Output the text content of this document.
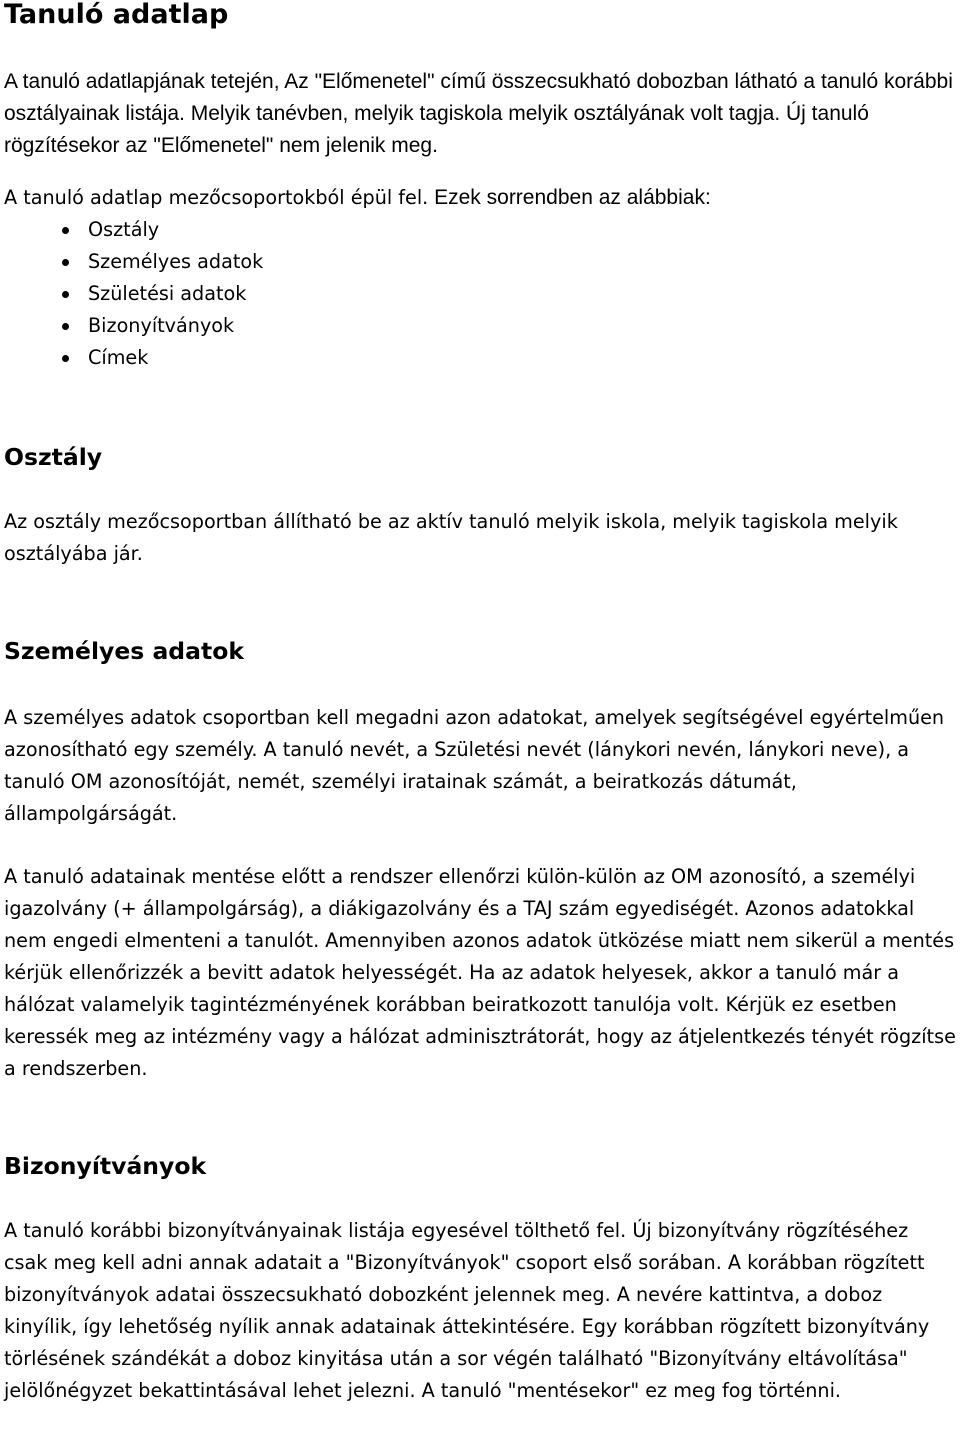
Tanuló adatlap

A tanuló adatlapjának tetején, Az "Előmenetel" című összecsukható dobozban látható a tanuló korábbi osztályainak listája. Melyik tanévben, melyik tagiskola melyik osztályának volt tagja. Új tanuló rögzítésekor az "Előmenetel" nem jelenik meg.

A tanuló adatlap mezőcsoportokból épül fel. Ezek sorrendben az alábbiak:

Osztály
Személyes adatok
Születési adatok
Bizonyítványok
Címek
Osztály

Az osztály mezőcsoportban állítható be az aktív tanuló melyik iskola, melyik tagiskola melyik osztályába jár.

Személyes adatok

A személyes adatok csoportban kell megadni azon adatokat, amelyek segítségével egyértelműen azonosítható egy személy. A tanuló nevét, a Születési nevét (lánykori nevén, lánykori neve), a tanuló OM azonosítóját, nemét, személyi iratainak számát, a beiratkozás dátumát, állampolgárságát.

A tanuló adatainak mentése előtt a rendszer ellenőrzi külön-külön az OM azonosító, a személyi igazolvány (+ állampolgárság), a diákigazolvány és a TAJ szám egyediségét. Azonos adatokkal nem engedi elmenteni a tanulót. Amennyiben azonos adatok ütközése miatt nem sikerül a mentés kérjük ellenőrizzék a bevitt adatok helyességét. Ha az adatok helyesek, akkor a tanuló már a hálózat valamelyik tagintézményének korábban beiratkozott tanulója volt. Kérjük ez esetben keressék meg az intézmény vagy a hálózat adminisztrátorát, hogy az átjelentkezés tényét rögzítse a rendszerben.

Bizonyítványok

A tanuló korábbi bizonyítványainak listája egyesével tölthető fel. Új bizonyítvány rögzítéséhez csak meg kell adni annak adatait a "Bizonyítványok" csoport első sorában. A korábban rögzített bizonyítványok adatai összecsukható dobozként jelennek meg. A nevére kattintva, a doboz kinyílik, így lehetőség nyílik annak adatainak áttekintésére. Egy korábban rögzített bizonyítvány törlésének szándékát a doboz kinyitása után a sor végén található "Bizonyítvány eltávolítása" jelölőnégyzet bekattintásával lehet jelezni. A tanuló "mentésekor" ez meg fog történni.
